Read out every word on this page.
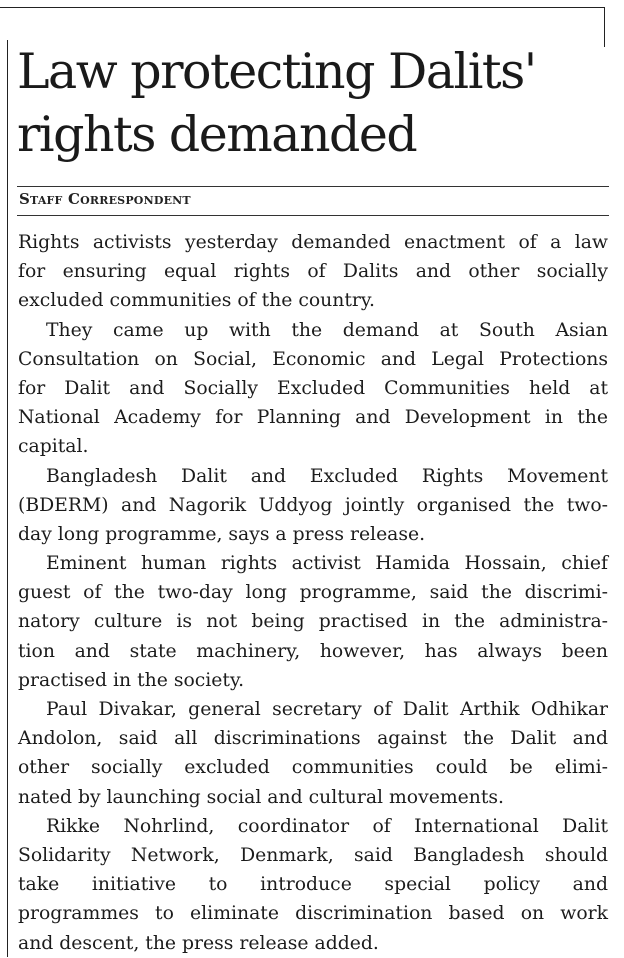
Law protecting Dalits'
rights demanded

Staff Correspondent

Rights activists yesterday demanded enactment of a law
for ensuring equal rights of Dalits and other socially
excluded communities of the country.
They came up with the demand at South Asian
Consultation on Social, Economic and Legal Protections
for Dalit and Socially Excluded Communities held at
National Academy for Planning and Development in the
capital.
Bangladesh Dalit and Excluded Rights Movement
(BDERM) and Nagorik Uddyog jointly organised the two-
day long programme, says a press release.
Eminent human rights activist Hamida Hossain, chief
guest of the two-day long programme, said the discrimi-
natory culture is not being practised in the administra-
tion and state machinery, however, has always been
practised in the society.
Paul Divakar, general secretary of Dalit Arthik Odhikar
Andolon, said all discriminations against the Dalit and
other socially excluded communities could be elimi-
nated by launching social and cultural movements.
Rikke Nohrlind, coordinator of International Dalit
Solidarity Network, Denmark, said Bangladesh should
take initiative to introduce special policy and
programmes to eliminate discrimination based on work
and descent, the press release added.
